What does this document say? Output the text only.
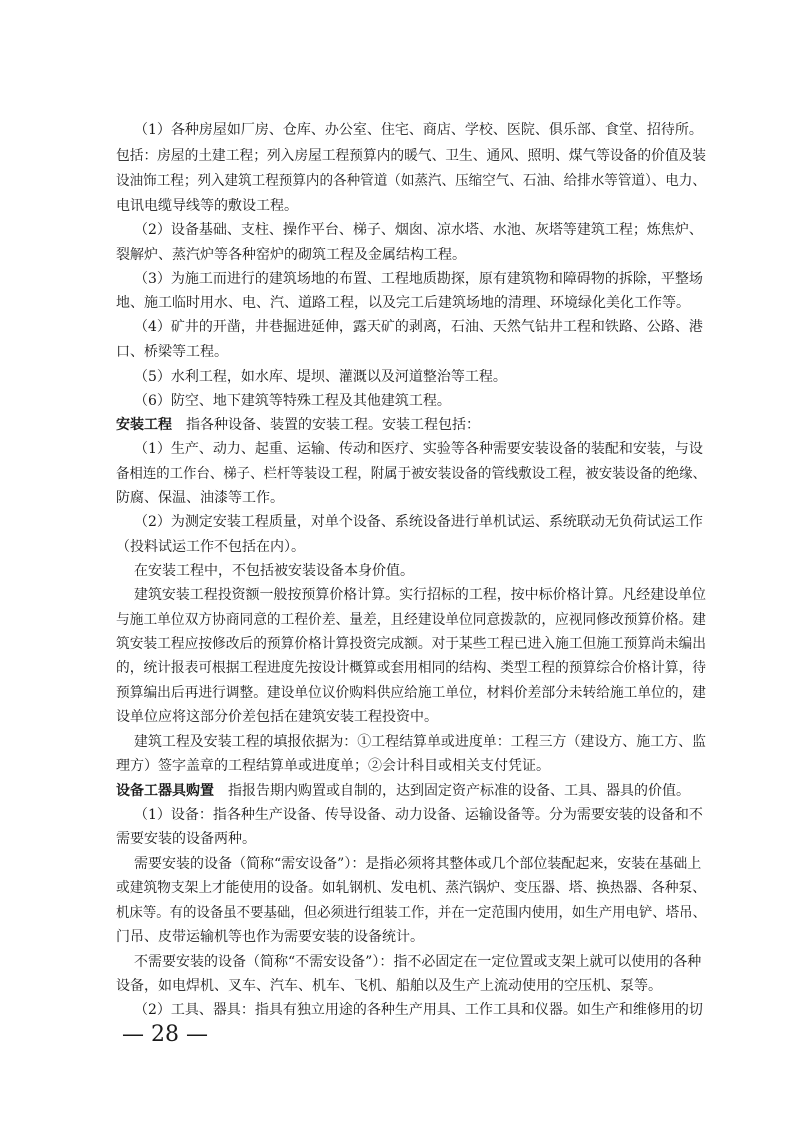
（1）各种房屋如厂房、仓库、办公室、住宅、商店、学校、医院、俱乐部、食堂、招待所。
包括：房屋的土建工程；列入房屋工程预算内的暖气、卫生、通风、照明、煤气等设备的价值及装
设油饰工程；列入建筑工程预算内的各种管道（如蒸汽、压缩空气、石油、给排水等管道）、电力、
电讯电缆导线等的敷设工程。
（2）设备基础、支柱、操作平台、梯子、烟囱、凉水塔、水池、灰塔等建筑工程；炼焦炉、
裂解炉、蒸汽炉等各种窑炉的砌筑工程及金属结构工程。
（3）为施工而进行的建筑场地的布置、工程地质勘探，原有建筑物和障碍物的拆除，平整场
地、施工临时用水、电、汽、道路工程，以及完工后建筑场地的清理、环境绿化美化工作等。
（4）矿井的开凿，井巷掘进延伸，露天矿的剥离，石油、天然气钻井工程和铁路、公路、港
口、桥梁等工程。
（5）水利工程，如水库、堤坝、灌溉以及河道整治等工程。
（6）防空、地下建筑等特殊工程及其他建筑工程。
安装工程　指各种设备、装置的安装工程。安装工程包括：
（1）生产、动力、起重、运输、传动和医疗、实验等各种需要安装设备的装配和安装，与设
备相连的工作台、梯子、栏杆等装设工程，附属于被安装设备的管线敷设工程，被安装设备的绝缘、
防腐、保温、油漆等工作。
（2）为测定安装工程质量，对单个设备、系统设备进行单机试运、系统联动无负荷试运工作
（投料试运工作不包括在内）。
在安装工程中，不包括被安装设备本身价值。
建筑安装工程投资额一般按预算价格计算。实行招标的工程，按中标价格计算。凡经建设单位
与施工单位双方协商同意的工程价差、量差，且经建设单位同意拨款的，应视同修改预算价格。建
筑安装工程应按修改后的预算价格计算投资完成额。对于某些工程已进入施工但施工预算尚未编出
的，统计报表可根据工程进度先按设计概算或套用相同的结构、类型工程的预算综合价格计算，待
预算编出后再进行调整。建设单位议价购料供应给施工单位，材料价差部分未转给施工单位的，建
设单位应将这部分价差包括在建筑安装工程投资中。
建筑工程及安装工程的填报依据为：①工程结算单或进度单：工程三方（建设方、施工方、监
理方）签字盖章的工程结算单或进度单；②会计科目或相关支付凭证。
设备工器具购置　指报告期内购置或自制的，达到固定资产标准的设备、工具、器具的价值。
（1）设备：指各种生产设备、传导设备、动力设备、运输设备等。分为需要安装的设备和不
需要安装的设备两种。
需要安装的设备（简称“需安设备”）：是指必须将其整体或几个部位装配起来，安装在基础上
或建筑物支架上才能使用的设备。如轧钢机、发电机、蒸汽锅炉、变压器、塔、换热器、各种泵、
机床等。有的设备虽不要基础，但必须进行组装工作，并在一定范围内使用，如生产用电铲、塔吊、
门吊、皮带运输机等也作为需要安装的设备统计。
不需要安装的设备（简称“不需安设备”）：指不必固定在一定位置或支架上就可以使用的各种
设备，如电焊机、叉车、汽车、机车、飞机、船舶以及生产上流动使用的空压机、泵等。
（2）工具、器具：指具有独立用途的各种生产用具、工作工具和仪器。如生产和维修用的切
— 28 —
